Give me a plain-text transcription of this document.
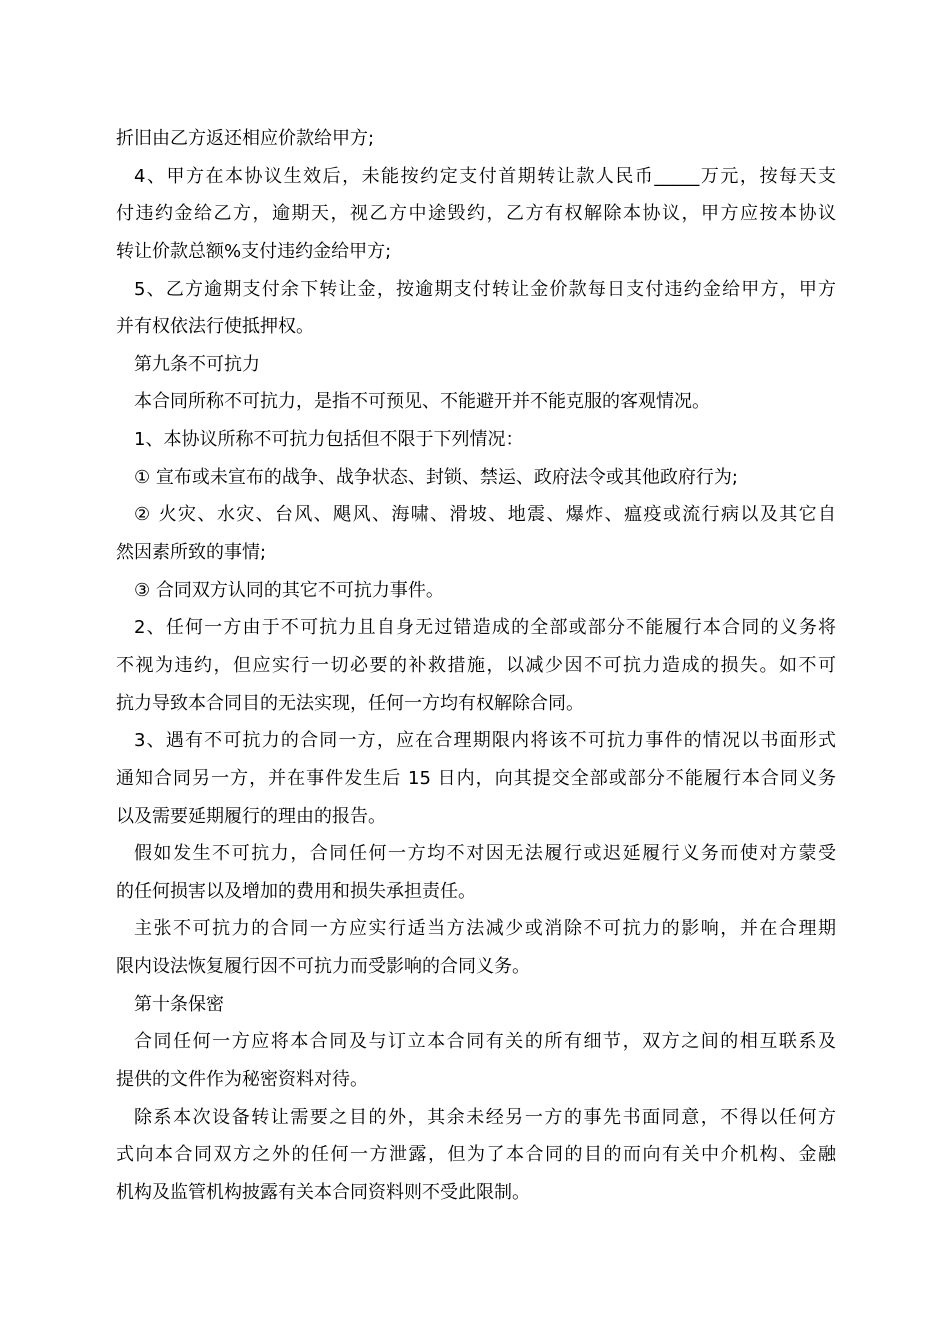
折旧由乙方返还相应价款给甲方;
4、甲方在本协议生效后，未能按约定支付首期转让款人民币_____万元，按每天支
付违约金给乙方，逾期天，视乙方中途毁约，乙方有权解除本协议，甲方应按本协议
转让价款总额%支付违约金给甲方;
5、乙方逾期支付余下转让金，按逾期支付转让金价款每日支付违约金给甲方，甲方
并有权依法行使抵押权。
第九条不可抗力
本合同所称不可抗力，是指不可预见、不能避开并不能克服的客观情况。
1、本协议所称不可抗力包括但不限于下列情况：
① 宣布或未宣布的战争、战争状态、封锁、禁运、政府法令或其他政府行为;
② 火灾、水灾、台风、飓风、海啸、滑坡、地震、爆炸、瘟疫或流行病以及其它自
然因素所致的事情;
③ 合同双方认同的其它不可抗力事件。
2、任何一方由于不可抗力且自身无过错造成的全部或部分不能履行本合同的义务将
不视为违约，但应实行一切必要的补救措施，以减少因不可抗力造成的损失。如不可
抗力导致本合同目的无法实现，任何一方均有权解除合同。
3、遇有不可抗力的合同一方，应在合理期限内将该不可抗力事件的情况以书面形式
通知合同另一方，并在事件发生后 15 日内，向其提交全部或部分不能履行本合同义务
以及需要延期履行的理由的报告。
假如发生不可抗力，合同任何一方均不对因无法履行或迟延履行义务而使对方蒙受
的任何损害以及增加的费用和损失承担责任。
主张不可抗力的合同一方应实行适当方法减少或消除不可抗力的影响，并在合理期
限内设法恢复履行因不可抗力而受影响的合同义务。
第十条保密
合同任何一方应将本合同及与订立本合同有关的所有细节，双方之间的相互联系及
提供的文件作为秘密资料对待。
除系本次设备转让需要之目的外，其余未经另一方的事先书面同意，不得以任何方
式向本合同双方之外的任何一方泄露，但为了本合同的目的而向有关中介机构、金融
机构及监管机构披露有关本合同资料则不受此限制。
